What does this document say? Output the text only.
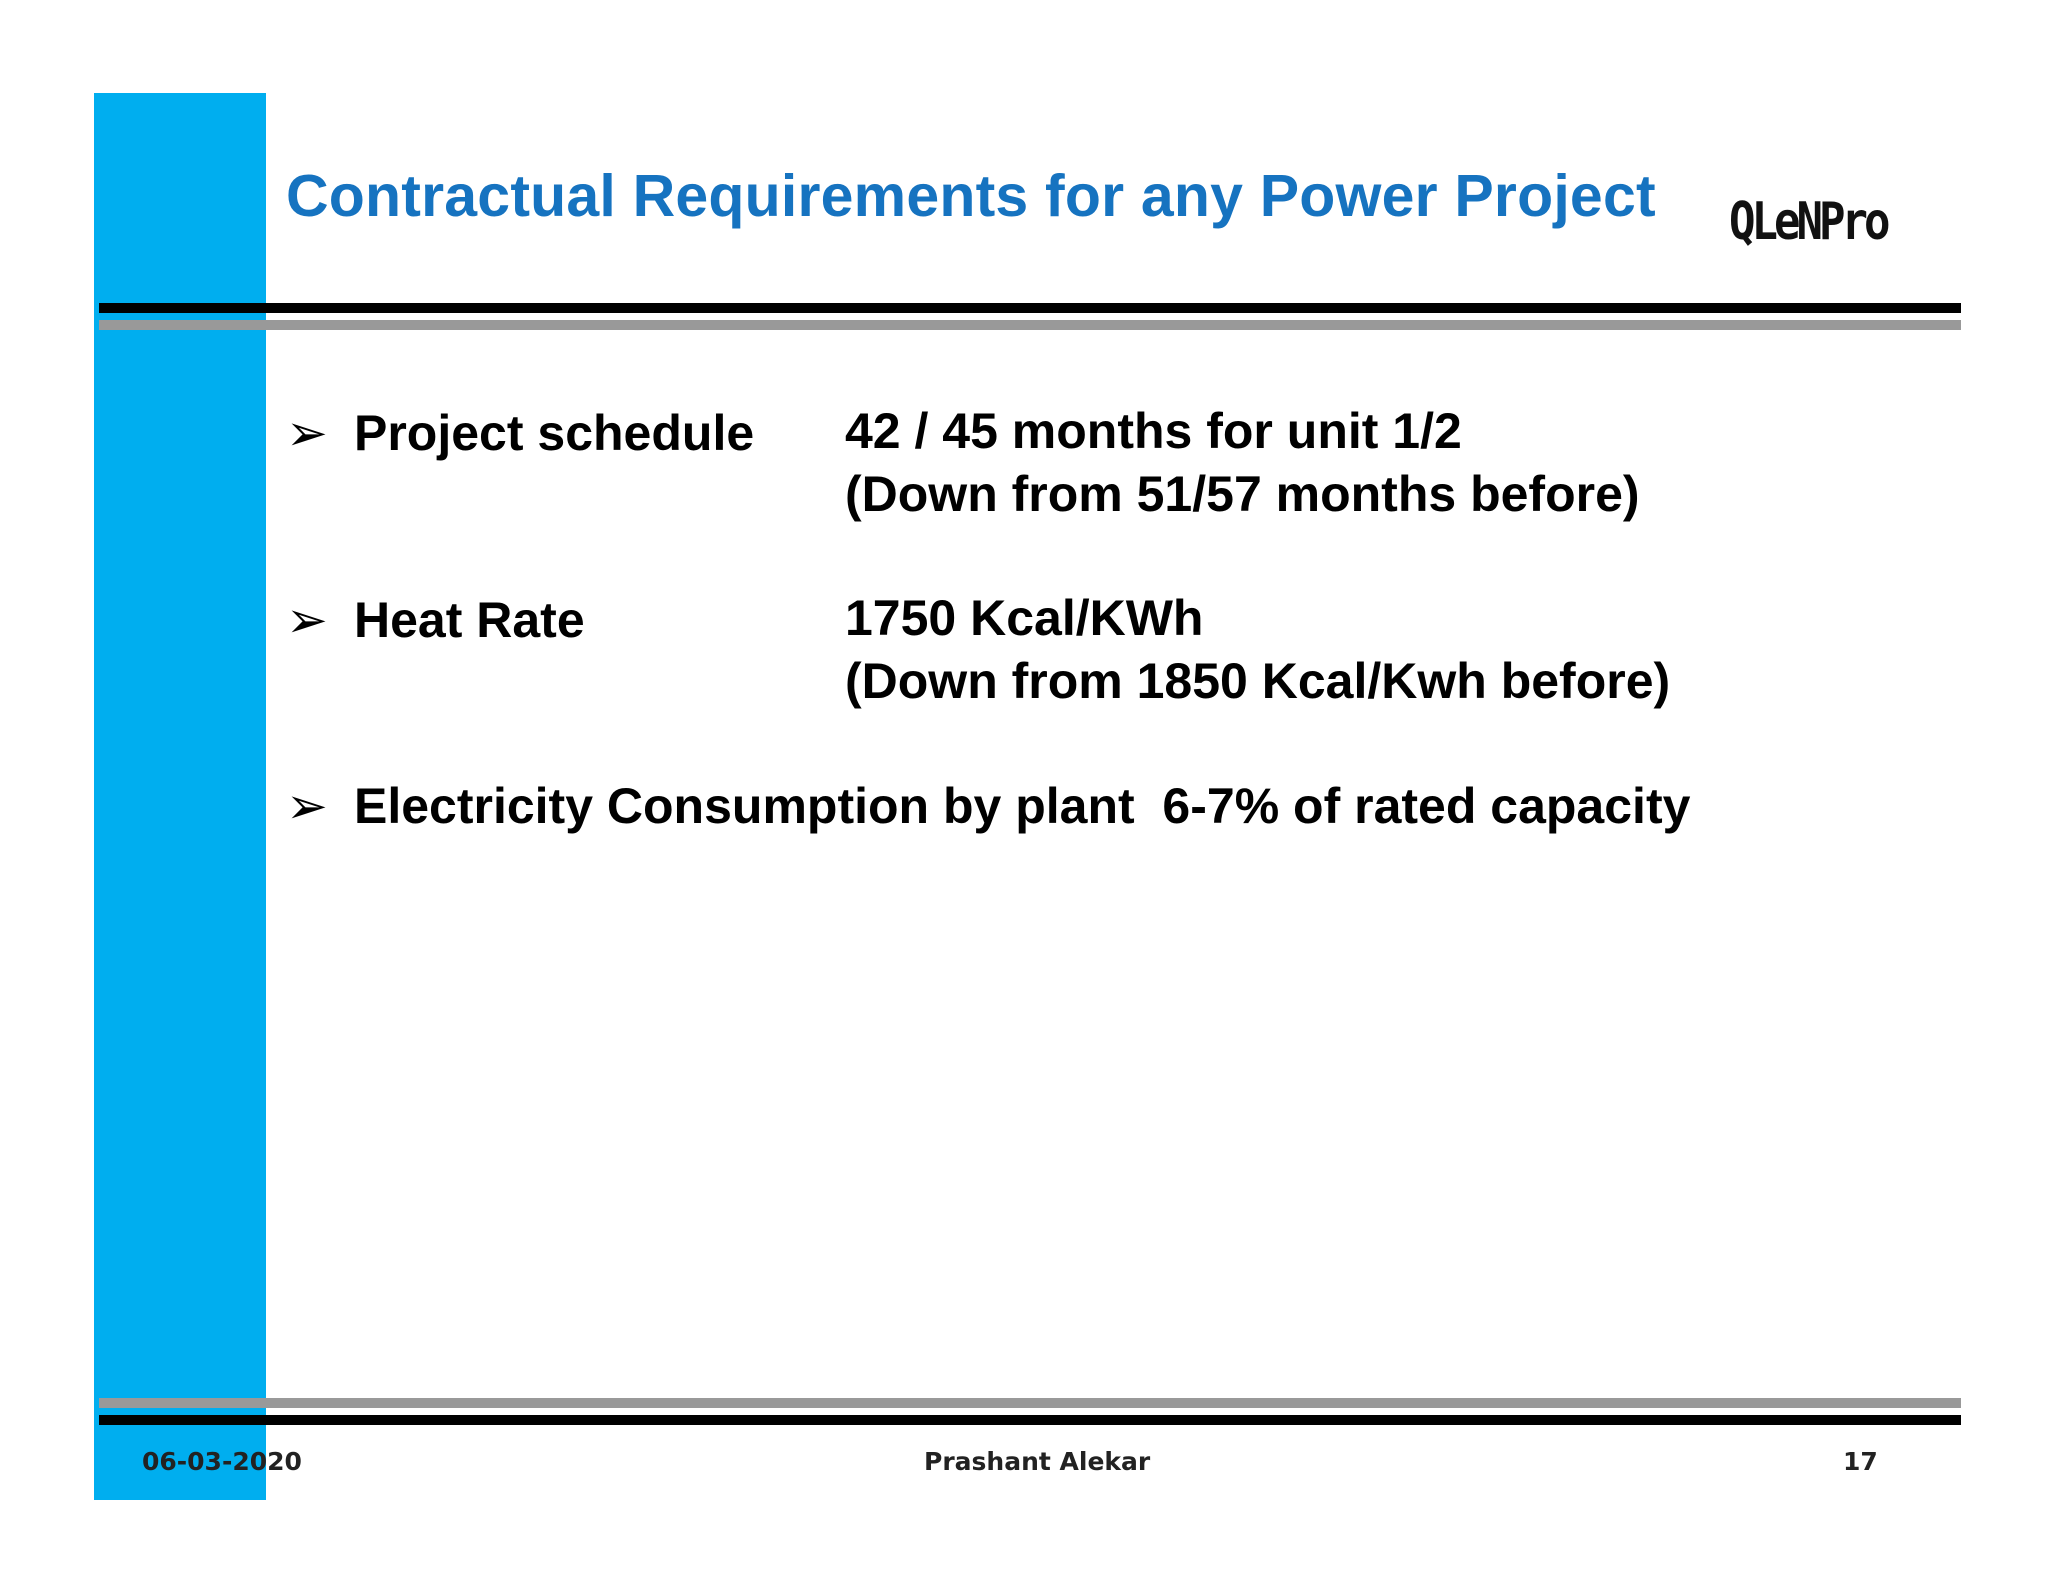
Contractual Requirements for any Power Project QLeNPro
➢ Project schedule 42 / 45 months for unit 1/2
(Down from 51/57 months before)
➢ Heat Rate	1750 Kcal/KWh
(Down from 1850 Kcal/Kwh before)
➢ Electricity Consumption by plant  6-7% of rated capacity
06-03-2020	Prashant Alekar	17
